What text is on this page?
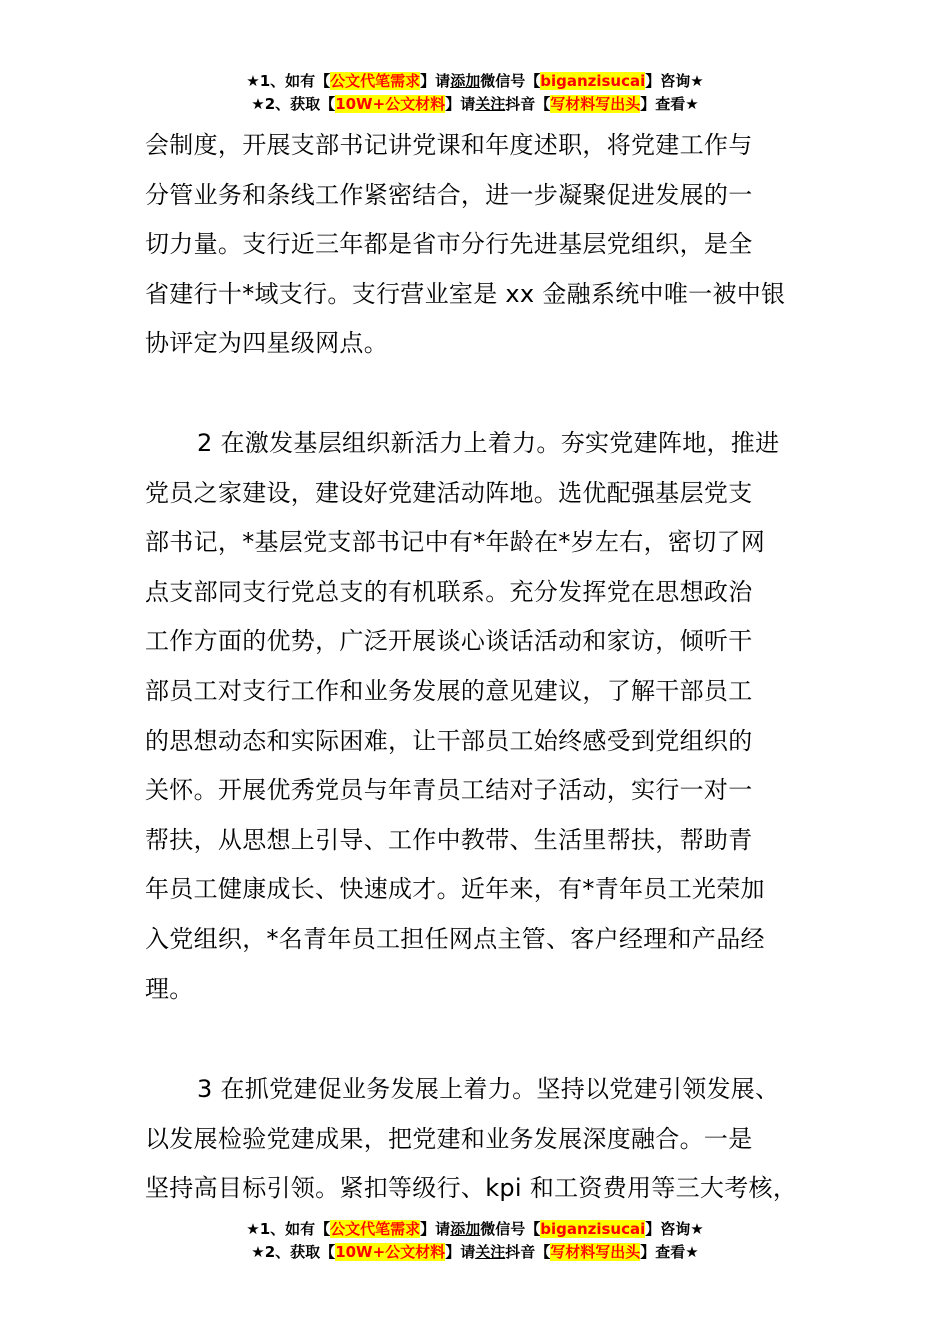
★1、如有【公文代笔需求】请添加微信号【biganzisucai】咨询★
★2、获取【10W+公文材料】请关注抖音【写材料写出头】查看★
会制度，开展支部书记讲党课和年度述职，将党建工作与
分管业务和条线工作紧密结合，进一步凝聚促进发展的一
切力量。支行近三年都是省市分行先进基层党组织，是全
省建行十*域支行。支行营业室是 xx 金融系统中唯一被中银
协评定为四星级网点。
2 在激发基层组织新活力上着力。夯实党建阵地，推进
党员之家建设，建设好党建活动阵地。选优配强基层党支
部书记，*基层党支部书记中有*年龄在*岁左右，密切了网
点支部同支行党总支的有机联系。充分发挥党在思想政治
工作方面的优势，广泛开展谈心谈话活动和家访，倾听干
部员工对支行工作和业务发展的意见建议，了解干部员工
的思想动态和实际困难，让干部员工始终感受到党组织的
关怀。开展优秀党员与年青员工结对子活动，实行一对一
帮扶，从思想上引导、工作中教带、生活里帮扶，帮助青
年员工健康成长、快速成才。近年来，有*青年员工光荣加
入党组织，*名青年员工担任网点主管、客户经理和产品经
理。
3 在抓党建促业务发展上着力。坚持以党建引领发展、
以发展检验党建成果，把党建和业务发展深度融合。一是
坚持高目标引领。紧扣等级行、kpi 和工资费用等三大考核，
★1、如有【公文代笔需求】请添加微信号【biganzisucai】咨询★
★2、获取【10W+公文材料】请关注抖音【写材料写出头】查看★
